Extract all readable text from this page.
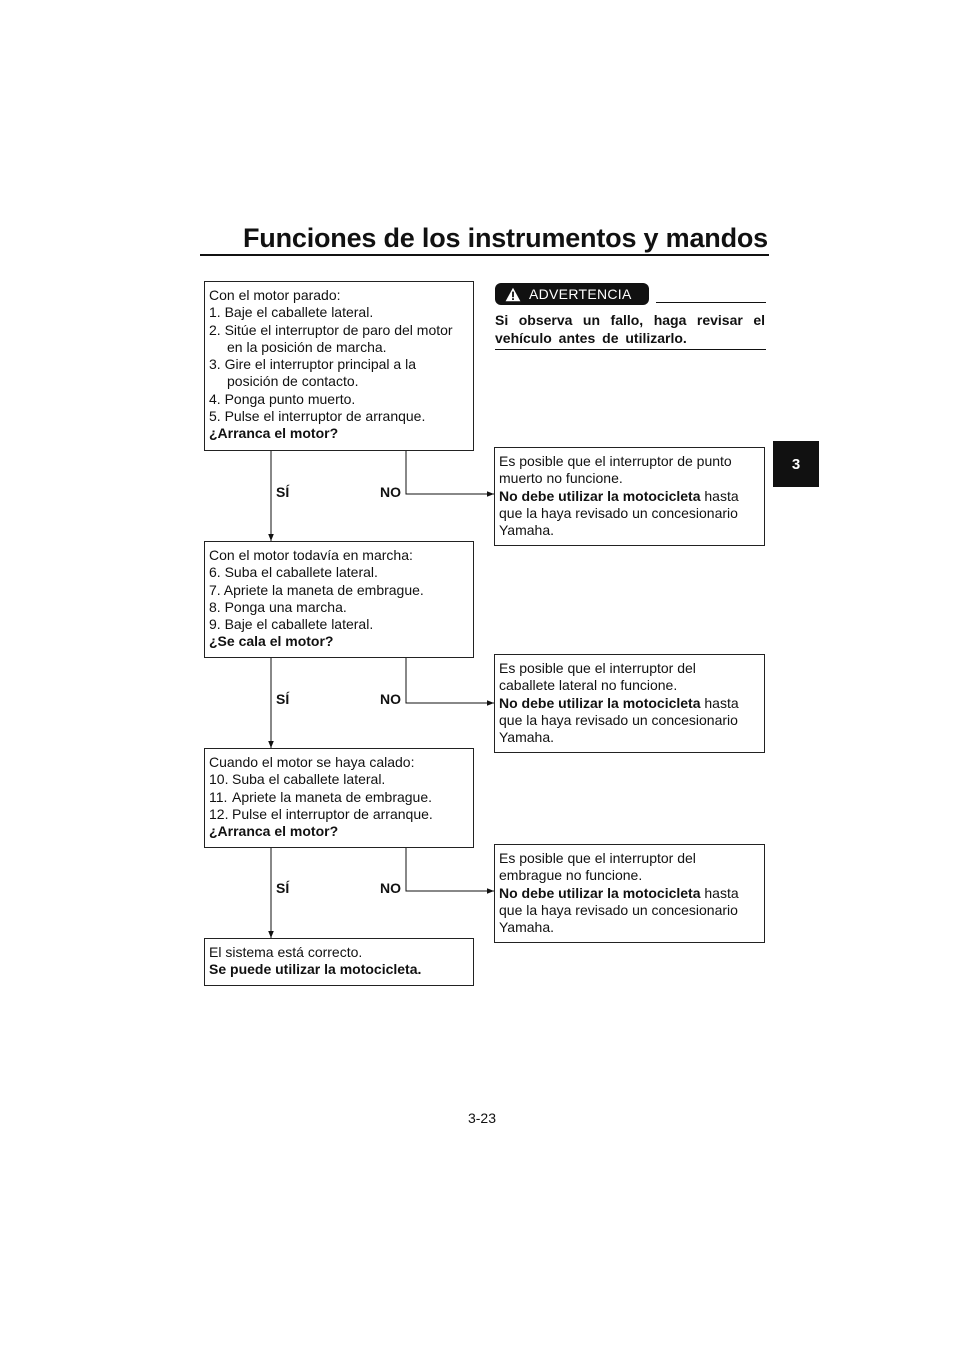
Funciones de los instrumentos y mandos
3
Con el motor parado:
1. Baje el caballete lateral.
2. Sitúe el interruptor de paro del motor
en la posición de marcha.
3. Gire el interruptor principal a la
posición de contacto.
4. Ponga punto muerto.
5. Pulse el interruptor de arranque.
¿Arranca el motor?
SÍ	NO
Es posible que el interruptor de punto
muerto no funcione.
No debe utilizar la motocicleta hasta
que la haya revisado un concesionario
Yamaha.
Con el motor todavía en marcha:
6. Suba el caballete lateral.
7. Apriete la maneta de embrague.
8. Ponga una marcha.
9. Baje el caballete lateral.
¿Se cala el motor?
SÍ	NO
Es posible que el interruptor del
caballete lateral no funcione.
No debe utilizar la motocicleta hasta
que la haya revisado un concesionario
Yamaha.
Cuando el motor se haya calado:
10. Suba el caballete lateral.
11. Apriete la maneta de embrague.
12. Pulse el interruptor de arranque.
¿Arranca el motor?
SÍ	NO
Es posible que el interruptor del
embrague no funcione.
No debe utilizar la motocicleta hasta
que la haya revisado un concesionario
Yamaha.
El sistema está correcto.
Se puede utilizar la motocicleta.
ADVERTENCIA
Si observa un fallo, haga revisar el vehículo antes de utilizarlo.
3-23
